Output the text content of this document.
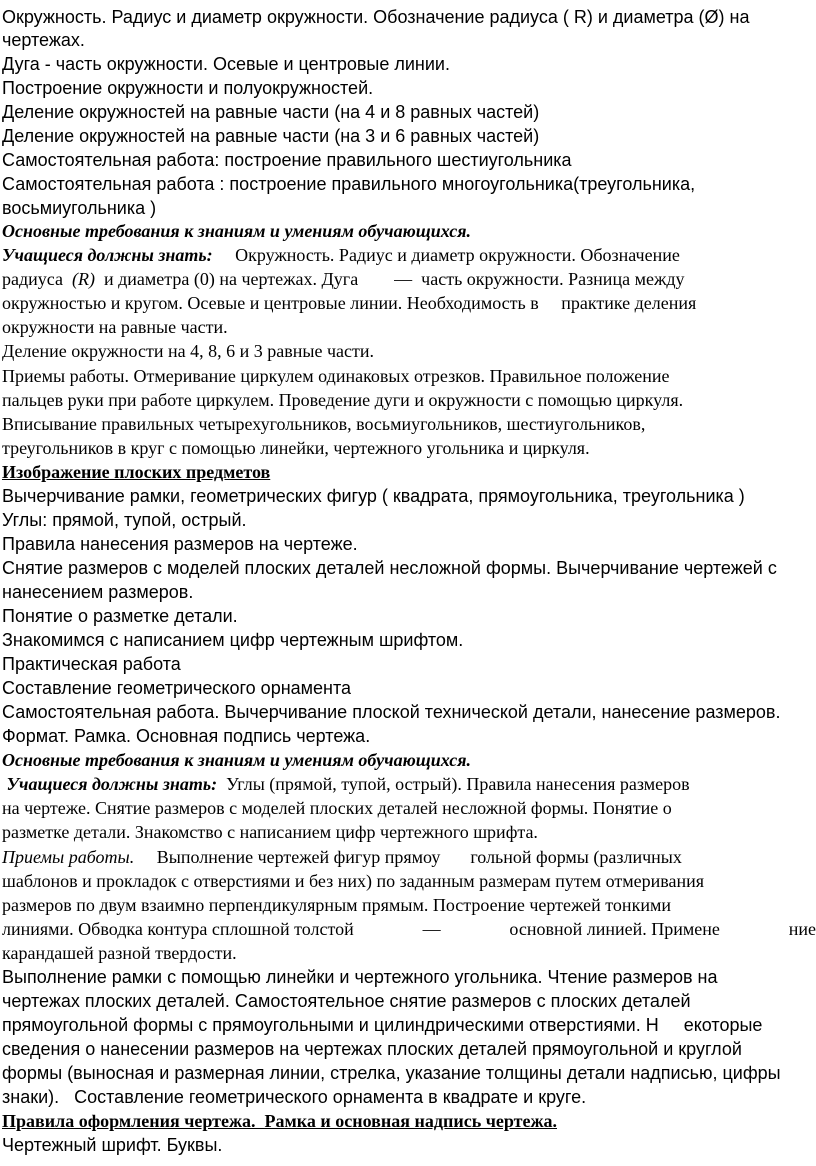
Окружность. Радиус и диаметр окружности. Обозначение радиуса ( R) и диаметра (Ø) на
чертежах.
Дуга - часть окружности. Осевые и центровые линии.
Построение окружности и полуокружностей.
Деление окружностей на равные части (на 4 и 8 равных частей)
Деление окружностей на равные части (на 3 и 6 равных частей)
Самостоятельная работа: построение правильного шестиугольника
Самостоятельная работа : построение правильного многоугольника(треугольника,
восьмиугольника )
Основные требования к знаниям и умениям обучающихся.
Учащиеся должны знать:     Окружность. Радиус и диаметр окружности. Обозначение
радиуса  (R)  и диаметра (0) на чертежах. Дуга        —  часть окружности. Разница между
окружностью и кругом. Осевые и центровые линии. Необходимость в     практике деления
окружности на равные части.
Деление окружности на 4, 8, 6 и 3 равные части.
Приемы работы. Отмеривание циркулем одинаковых отрезков. Правильное положение
пальцев руки при работе циркулем. Проведение дуги и окружности с помощью циркуля.
Вписывание правильных четырехугольников, восьмиугольников, шестиугольников,
треугольников в круг с помощью линейки, чертежного угольника и циркуля.
Изображение плоских предметов
Вычерчивание рамки, геометрических фигур ( квадрата, прямоугольника, треугольника )
Углы: прямой, тупой, острый.
Правила нанесения размеров на чертеже.
Снятие размеров с моделей плоских деталей несложной формы. Вычерчивание чертежей с
нанесением размеров.
Понятие о разметке детали.
Знакомимся с написанием цифр чертежным шрифтом.
Практическая работа
Составление геометрического орнамента
Самостоятельная работа. Вычерчивание плоской технической детали, нанесение размеров.
Формат. Рамка. Основная подпись чертежа.
Основные требования к знаниям и умениям обучающихся.
Учащиеся должны знать:  Углы (прямой, тупой, острый). Правила нанесения размеров
на чертеже. Снятие размеров с моделей плоских деталей несложной формы. Понятие о
разметке детали. Знакомство с написанием цифр чертежного шрифта.
Приемы работы.     Выполнение чертежей фигур прямоу гольной формы (различных
шаблонов и прокладок с отверстиями и без них) по заданным размерам путем отмеривания
размеров по двум взаимно перпендикулярным прямым. Построение чертежей тонкими
линиями. Обводка контура сплошной толстой	—	основной линией. Примене	ние
карандашей разной твердости.
Выполнение рамки с помощью линейки и чертежного угольника. Чтение размеров на
чертежах плоских деталей. Самостоятельное снятие размеров с плоских деталей
прямоугольной формы с прямоугольными и цилиндрическими отверстиями. Н     екоторые
сведения о нанесении размеров на чертежах плоских деталей прямоугольной и круглой
формы (выносная и размерная линии, стрелка, указание толщины детали надписью, цифры
знаки).   Составление геометрического орнамента в квадрате и круге.
Правила оформления чертежа.  Рамка и основная надпись чертежа.
Чертежный шрифт. Буквы.
